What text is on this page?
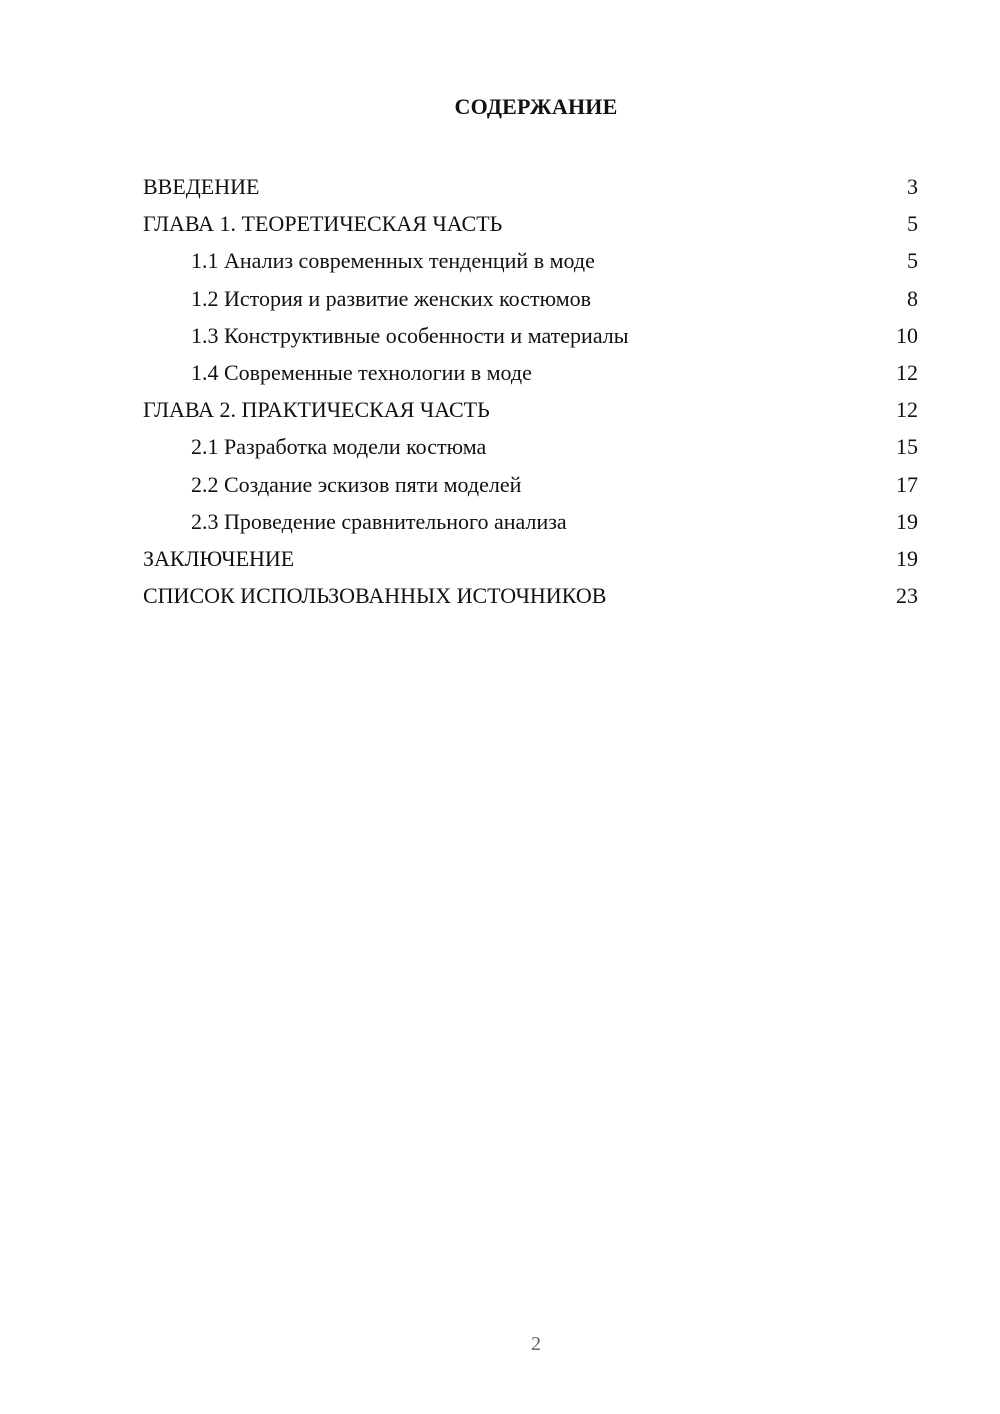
СОДЕРЖАНИЕ
ВВЕДЕНИЕ	3
ГЛАВА 1. ТЕОРЕТИЧЕСКАЯ ЧАСТЬ	5
1.1 Анализ современных тенденций в моде	5
1.2 История и развитие женских костюмов	8
1.3 Конструктивные особенности и материалы	10
1.4 Современные технологии в моде	12
ГЛАВА 2. ПРАКТИЧЕСКАЯ ЧАСТЬ	12
2.1 Разработка модели костюма	15
2.2 Создание эскизов пяти моделей	17
2.3 Проведение сравнительного анализа	19
ЗАКЛЮЧЕНИЕ	19
СПИСОК ИСПОЛЬЗОВАННЫХ ИСТОЧНИКОВ	23
2
